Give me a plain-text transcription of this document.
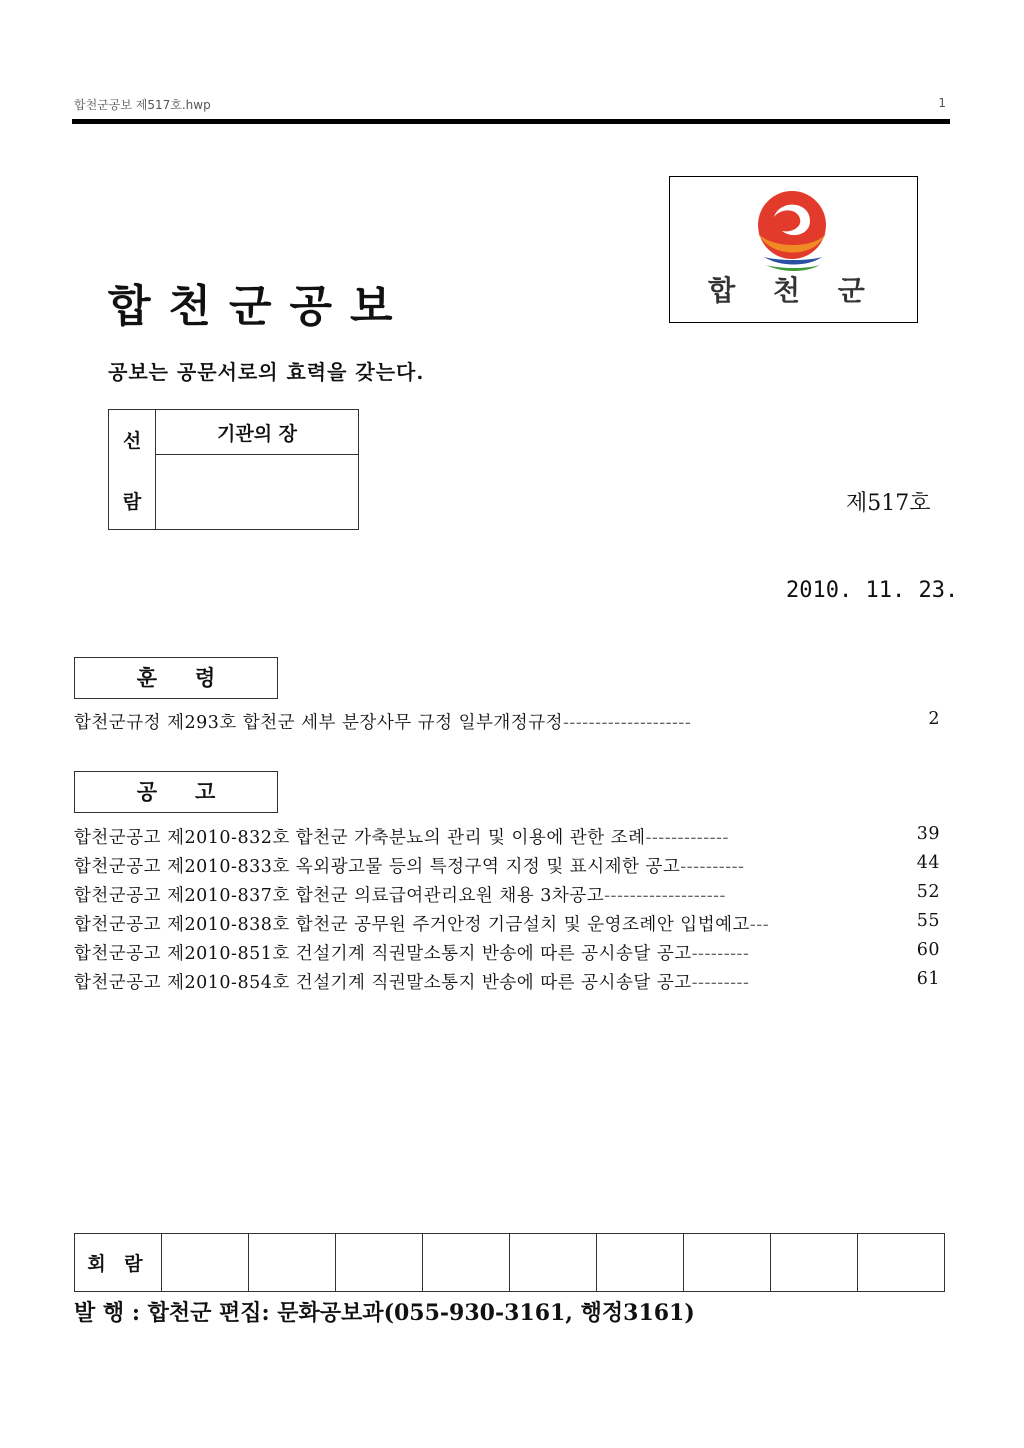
합천군공보 제517호.hwp	1
합천군공보
공보는 공문서로의 효력을 갖는다.
합 천 군
선
람
	기관의 장

제517호
2010. 11. 23.
훈령
합천군규정 제293호 합천군 세부 분장사무 규정 일부개정규정--------------------	2
공고
합천군공고 제2010-832호 합천군 가축분뇨의 관리 및 이용에 관한 조례-------------	39
합천군공고 제2010-833호 옥외광고물 등의 특정구역 지정 및 표시제한 공고----------	44
합천군공고 제2010-837호 합천군 의료급여관리요원 채용 3차공고-------------------	52
합천군공고 제2010-838호 합천군 공무원 주거안정 기금설치 및 운영조례안 입법예고---	55
합천군공고 제2010-851호 건설기계 직권말소통지 반송에 따른 공시송달 공고---------	60
합천군공고 제2010-854호 건설기계 직권말소통지 반송에 따른 공시송달 공고---------	61
회 람									
발 행 : 합천군 편집: 문화공보과(055-930-3161, 행정3161)
